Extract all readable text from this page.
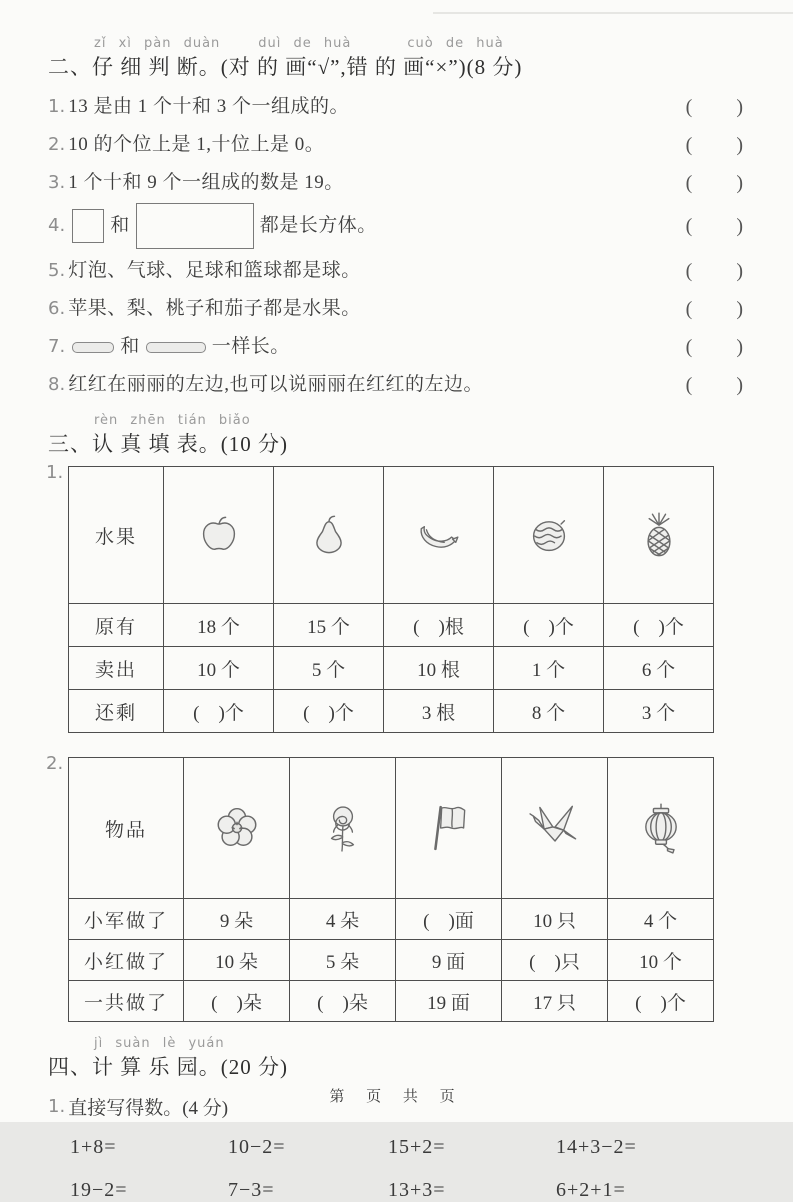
zǐ xì pàn duàn	duì de huà	cuò de huà
二、仔 细 判 断。(对 的 画“√”,错 的 画“×”)(8 分)
1. 13 是由 1 个十和 3 个一组成的。	(      )
2. 10 的个位上是 1,十位上是 0。	(      )
3. 1 个十和 9 个一组成的数是 19。	(      )
4. 和	都是长方体。	(      )
5. 灯泡、气球、足球和篮球都是球。	(      )
6. 苹果、梨、桃子和茄子都是水果。	(      )
7.	和	一样长。	(      )
8. 红红在丽丽的左边,也可以说丽丽在红红的左边。	(      )
rèn zhēn tián biǎo
三、认 真 填 表。(10 分)
1.
水果	

原有	18 个	15 个	(    )根	(    )个	(    )个
卖出	10 个	5 个	10 根	1 个	6 个
还剩	(    )个	(    )个	3 根	8 个	3 个
2.
物品	

小军做了	9 朵	4 朵	(    )面	10 只	4 个
小红做了	10 朵	5 朵	9 面	(    )只	10 个
一共做了	(    )朵	(    )朵	19 面	17 只	(    )个
jì suàn lè yuán
四、计 算 乐 园。(20 分)
1. 直接写得数。(4 分)
1+8=	10−2=	15+2=	14+3−2=
19−2=	7−3=	13+3=	6+2+1=
第 页 共 页
